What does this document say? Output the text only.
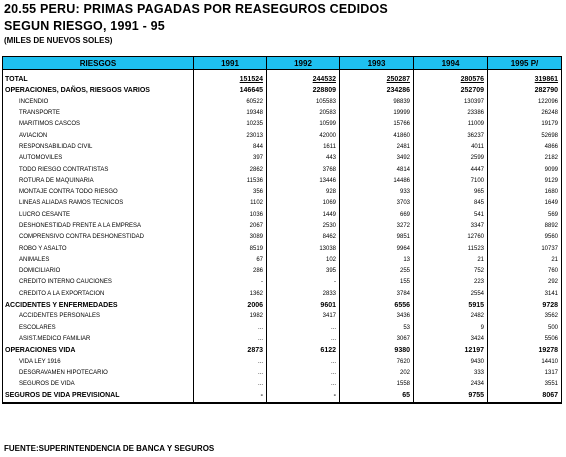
20.55 PERU: PRIMAS PAGADAS POR REASEGUROS CEDIDOS
SEGUN RIESGO, 1991 - 95
(MILES DE NUEVOS SOLES)
RIESGOS	1991	1992	1993	1994	1995 P/

TOTAL	151524	244532	250287	280576	319861
OPERACIONES, DAÑOS, RIESGOS VARIOS	146645	228809	234286	252709	282790
INCENDIO	60522	105583	98839	130397	122096
TRANSPORTE	19348	20583	19999	23386	26248
MARITIMOS CASCOS	10235	10599	15766	11009	19179
AVIACION	23013	42000	41860	36237	52698
RESPONSABILIDAD CIVIL	844	1611	2481	4011	4866
AUTOMOVILES	397	443	3492	2599	2182
TODO RIESGO CONTRATISTAS	2862	3768	4814	4447	9099
ROTURA DE MAQUINARIA	11536	13446	14486	7100	9129
MONTAJE CONTRA TODO RIESGO	356	928	933	965	1680
LINEAS ALIADAS RAMOS TECNICOS	1102	1069	3703	845	1649
LUCRO CESANTE	1036	1449	669	541	569
DESHONESTIDAD FRENTE A LA EMPRESA	2067	2530	3272	3347	8892
COMPRENSIVO CONTRA DESHONESTIDAD	3089	8462	9851	12760	9560
ROBO Y ASALTO	8519	13038	9964	11523	10737
ANIMALES	67	102	13	21	21
DOMICILIARIO	286	395	255	752	760
CREDITO INTERNO CAUCIONES	-	-	155	223	292
CREDITO A LA EXPORTACION	1362	2833	3784	2554	3141
ACCIDENTES Y ENFERMEDADES	2006	9601	6556	5915	9728
ACCIDENTES PERSONALES	1982	3417	3436	2482	3562
ESCOLARES	...	...	53	9	500
ASIST.MEDICO FAMILIAR	...	...	3067	3424	5506
OPERACIONES VIDA	2873	6122	9380	12197	19278
VIDA LEY 1916	...	...	7620	9430	14410
DESGRAVAMEN HIPOTECARIO	...	...	202	333	1317
SEGUROS DE VIDA	...	...	1558	2434	3551
SEGUROS DE VIDA PREVISIONAL	-	-	65	9755	8067
FUENTE:SUPERINTENDENCIA DE BANCA Y SEGUROS
